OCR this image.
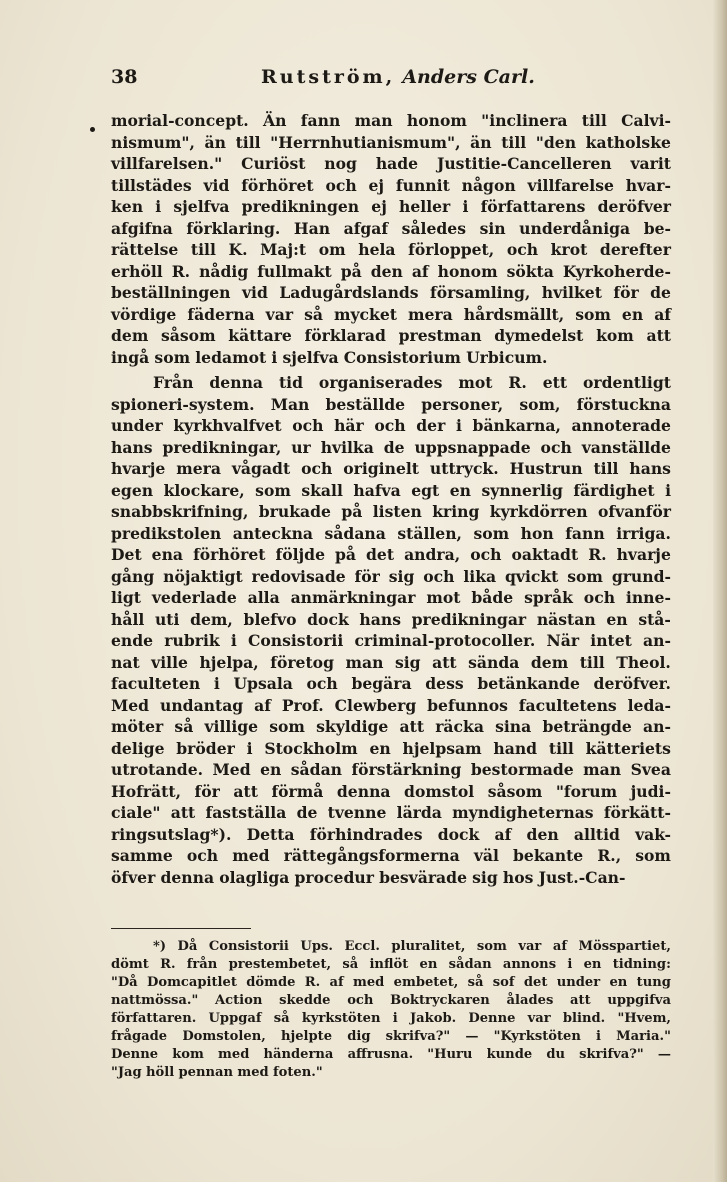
38	Rutström, Anders Carl.
morial-concept. Än fann man honom "inclinera till Calvi-
nismum", än till "Herrnhutianismum", än till "den katholske
villfarelsen." Curiöst nog hade Justitie-Cancelleren varit
tillstädes vid förhöret och ej funnit någon villfarelse hvar-
ken i sjelfva predikningen ej heller i författarens deröfver
afgifna förklaring. Han afgaf således sin underdåniga be-
rättelse till K. Maj:t om hela förloppet, och krot derefter
erhöll R. nådig fullmakt på den af honom sökta Kyrkoherde-
beställningen vid Ladugårdslands församling, hvilket för de
vördige fäderna var så mycket mera hårdsmällt, som en af
dem såsom kättare förklarad prestman dymedelst kom att
ingå som ledamot i sjelfva Consistorium Urbicum.
Från denna tid organiserades mot R. ett ordentligt
spioneri-system. Man beställde personer, som, förstuckna
under kyrkhvalfvet och här och der i bänkarna, annoterade
hans predikningar, ur hvilka de uppsnappade och vanställde
hvarje mera vågadt och originelt uttryck. Hustrun till hans
egen klockare, som skall hafva egt en synnerlig färdighet i
snabbskrifning, brukade på listen kring kyrkdörren ofvanför
predikstolen anteckna sådana ställen, som hon fann irriga.
Det ena förhöret följde på det andra, och oaktadt R. hvarje
gång nöjaktigt redovisade för sig och lika qvickt som grund-
ligt vederlade alla anmärkningar mot både språk och inne-
håll uti dem, blefvo dock hans predikningar nästan en stå-
ende rubrik i Consistorii criminal-protocoller. När intet an-
nat ville hjelpa, företog man sig att sända dem till Theol.
faculteten i Upsala och begära dess betänkande deröfver.
Med undantag af Prof. Clewberg befunnos facultetens leda-
möter så villige som skyldige att räcka sina beträngde an-
delige bröder i Stockholm en hjelpsam hand till kätteriets
utrotande. Med en sådan förstärkning bestormade man Svea
Hofrätt, för att förmå denna domstol såsom "forum judi-
ciale" att fastställa de tvenne lärda myndigheternas förkätt-
ringsutslag*). Detta förhindrades dock af den alltid vak-
samme och med rättegångsformerna väl bekante R., som
öfver denna olagliga procedur besvärade sig hos Just.-Can-
*) Då Consistorii Ups. Eccl. pluralitet, som var af Mösspartiet,
dömt R. från prestembetet, så inflöt en sådan annons i en tidning:
"Då Domcapitlet dömde R. af med embetet, så sof det under en tung
nattmössa." Action skedde och Boktryckaren ålades att uppgifva
författaren. Uppgaf så kyrkstöten i Jakob. Denne var blind. "Hvem,
frågade Domstolen, hjelpte dig skrifva?" — "Kyrkstöten i Maria."
Denne kom med händerna affrusna. "Huru kunde du skrifva?" —
"Jag höll pennan med foten."
